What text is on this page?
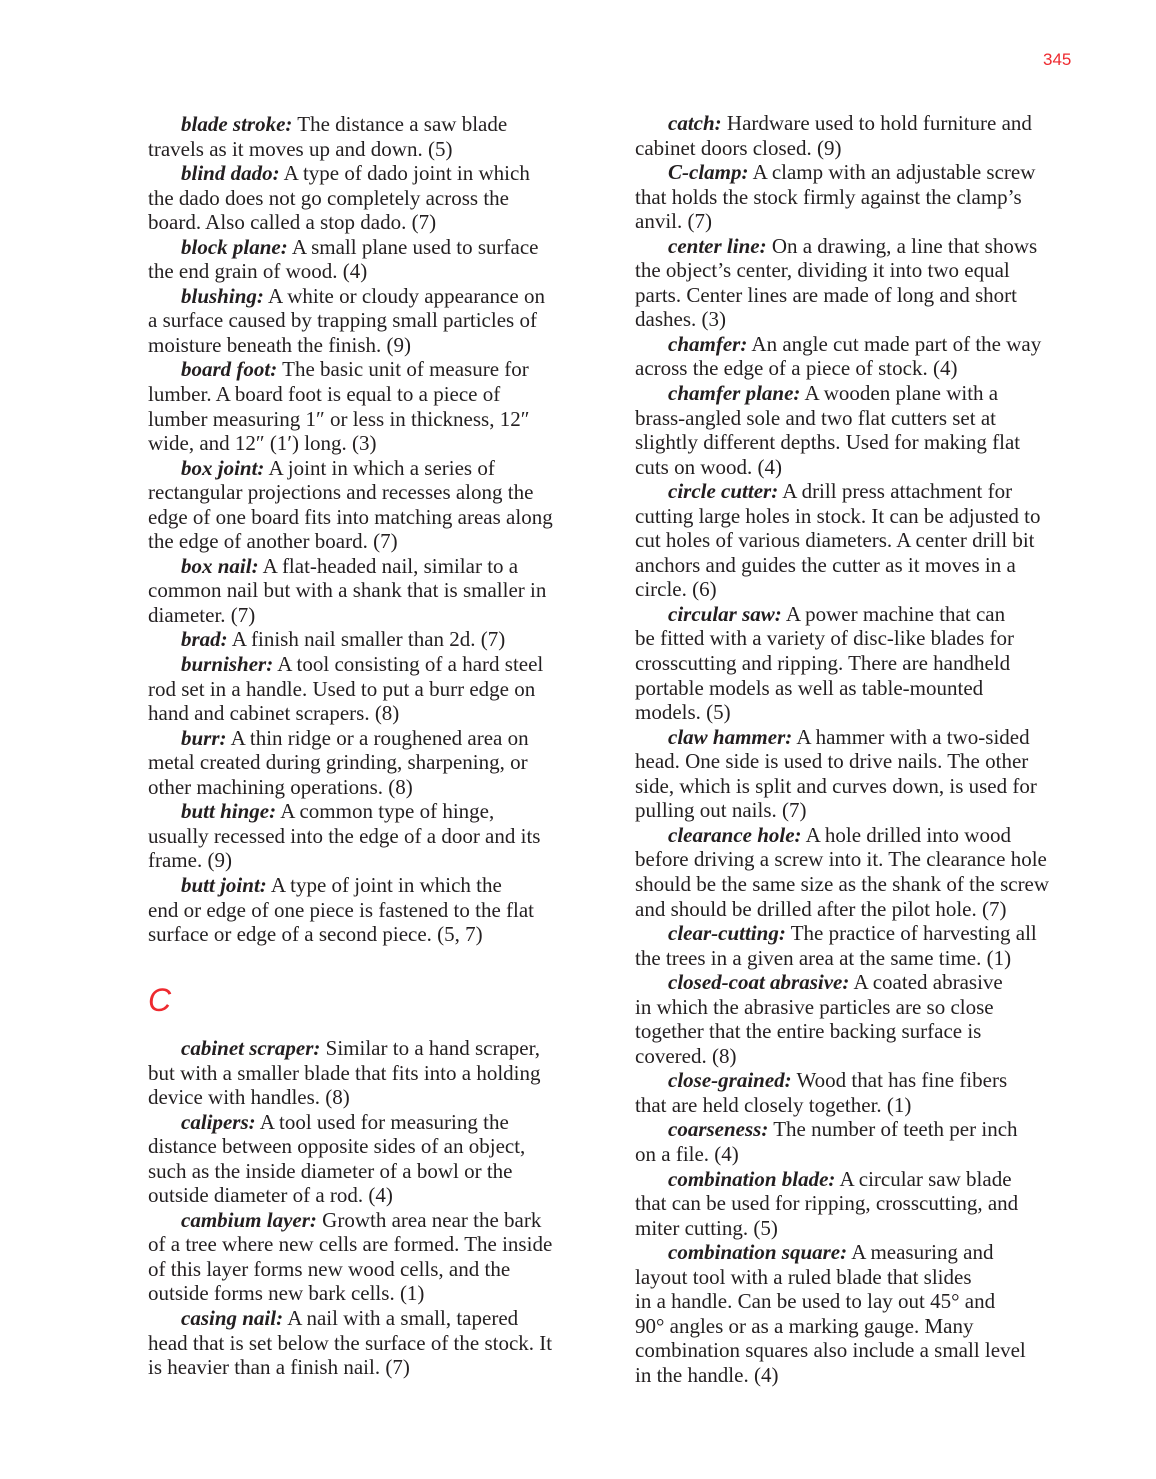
345
blade stroke: The distance a saw blade
travels as it moves up and down. (5)
blind dado: A type of dado joint in which
the dado does not go completely across the
board. Also called a stop dado. (7)
block plane: A small plane used to surface
the end grain of wood. (4)
blushing: A white or cloudy appearance on
a surface caused by trapping small particles of
moisture beneath the finish. (9)
board foot: The basic unit of measure for
lumber. A board foot is equal to a piece of
lumber measuring 1″ or less in thickness, 12″
wide, and 12″ (1′) long. (3)
box joint: A joint in which a series of
rectangular projections and recesses along the
edge of one board fits into matching areas along
the edge of another board. (7)
box nail: A flat-headed nail, similar to a
common nail but with a shank that is smaller in
diameter. (7)
brad: A finish nail smaller than 2d. (7)
burnisher: A tool consisting of a hard steel
rod set in a handle. Used to put a burr edge on
hand and cabinet scrapers. (8)
burr: A thin ridge or a roughened area on
metal created during grinding, sharpening, or
other machining operations. (8)
butt hinge: A common type of hinge,
usually recessed into the edge of a door and its
frame. (9)
butt joint: A type of joint in which the
end or edge of one piece is fastened to the flat
surface or edge of a second piece. (5, 7)
C
cabinet scraper: Similar to a hand scraper,
but with a smaller blade that fits into a holding
device with handles. (8)
calipers: A tool used for measuring the
distance between opposite sides of an object,
such as the inside diameter of a bowl or the
outside diameter of a rod. (4)
cambium layer: Growth area near the bark
of a tree where new cells are formed. The inside
of this layer forms new wood cells, and the
outside forms new bark cells. (1)
casing nail: A nail with a small, tapered
head that is set below the surface of the stock. It
is heavier than a finish nail. (7)
catch: Hardware used to hold furniture and
cabinet doors closed. (9)
C-clamp: A clamp with an adjustable screw
that holds the stock firmly against the clamp’s
anvil. (7)
center line: On a drawing, a line that shows
the object’s center, dividing it into two equal
parts. Center lines are made of long and short
dashes. (3)
chamfer: An angle cut made part of the way
across the edge of a piece of stock. (4)
chamfer plane: A wooden plane with a
brass-angled sole and two flat cutters set at
slightly different depths. Used for making flat
cuts on wood. (4)
circle cutter: A drill press attachment for
cutting large holes in stock. It can be adjusted to
cut holes of various diameters. A center drill bit
anchors and guides the cutter as it moves in a
circle. (6)
circular saw: A power machine that can
be fitted with a variety of disc-like blades for
crosscutting and ripping. There are handheld
portable models as well as table-mounted
models. (5)
claw hammer: A hammer with a two-sided
head. One side is used to drive nails. The other
side, which is split and curves down, is used for
pulling out nails. (7)
clearance hole: A hole drilled into wood
before driving a screw into it. The clearance hole
should be the same size as the shank of the screw
and should be drilled after the pilot hole. (7)
clear-cutting: The practice of harvesting all
the trees in a given area at the same time. (1)
closed-coat abrasive: A coated abrasive
in which the abrasive particles are so close
together that the entire backing surface is
covered. (8)
close-grained: Wood that has fine fibers
that are held closely together. (1)
coarseness: The number of teeth per inch
on a file. (4)
combination blade: A circular saw blade
that can be used for ripping, crosscutting, and
miter cutting. (5)
combination square: A measuring and
layout tool with a ruled blade that slides
in a handle. Can be used to lay out 45° and
90° angles or as a marking gauge. Many
combination squares also include a small level
in the handle. (4)
